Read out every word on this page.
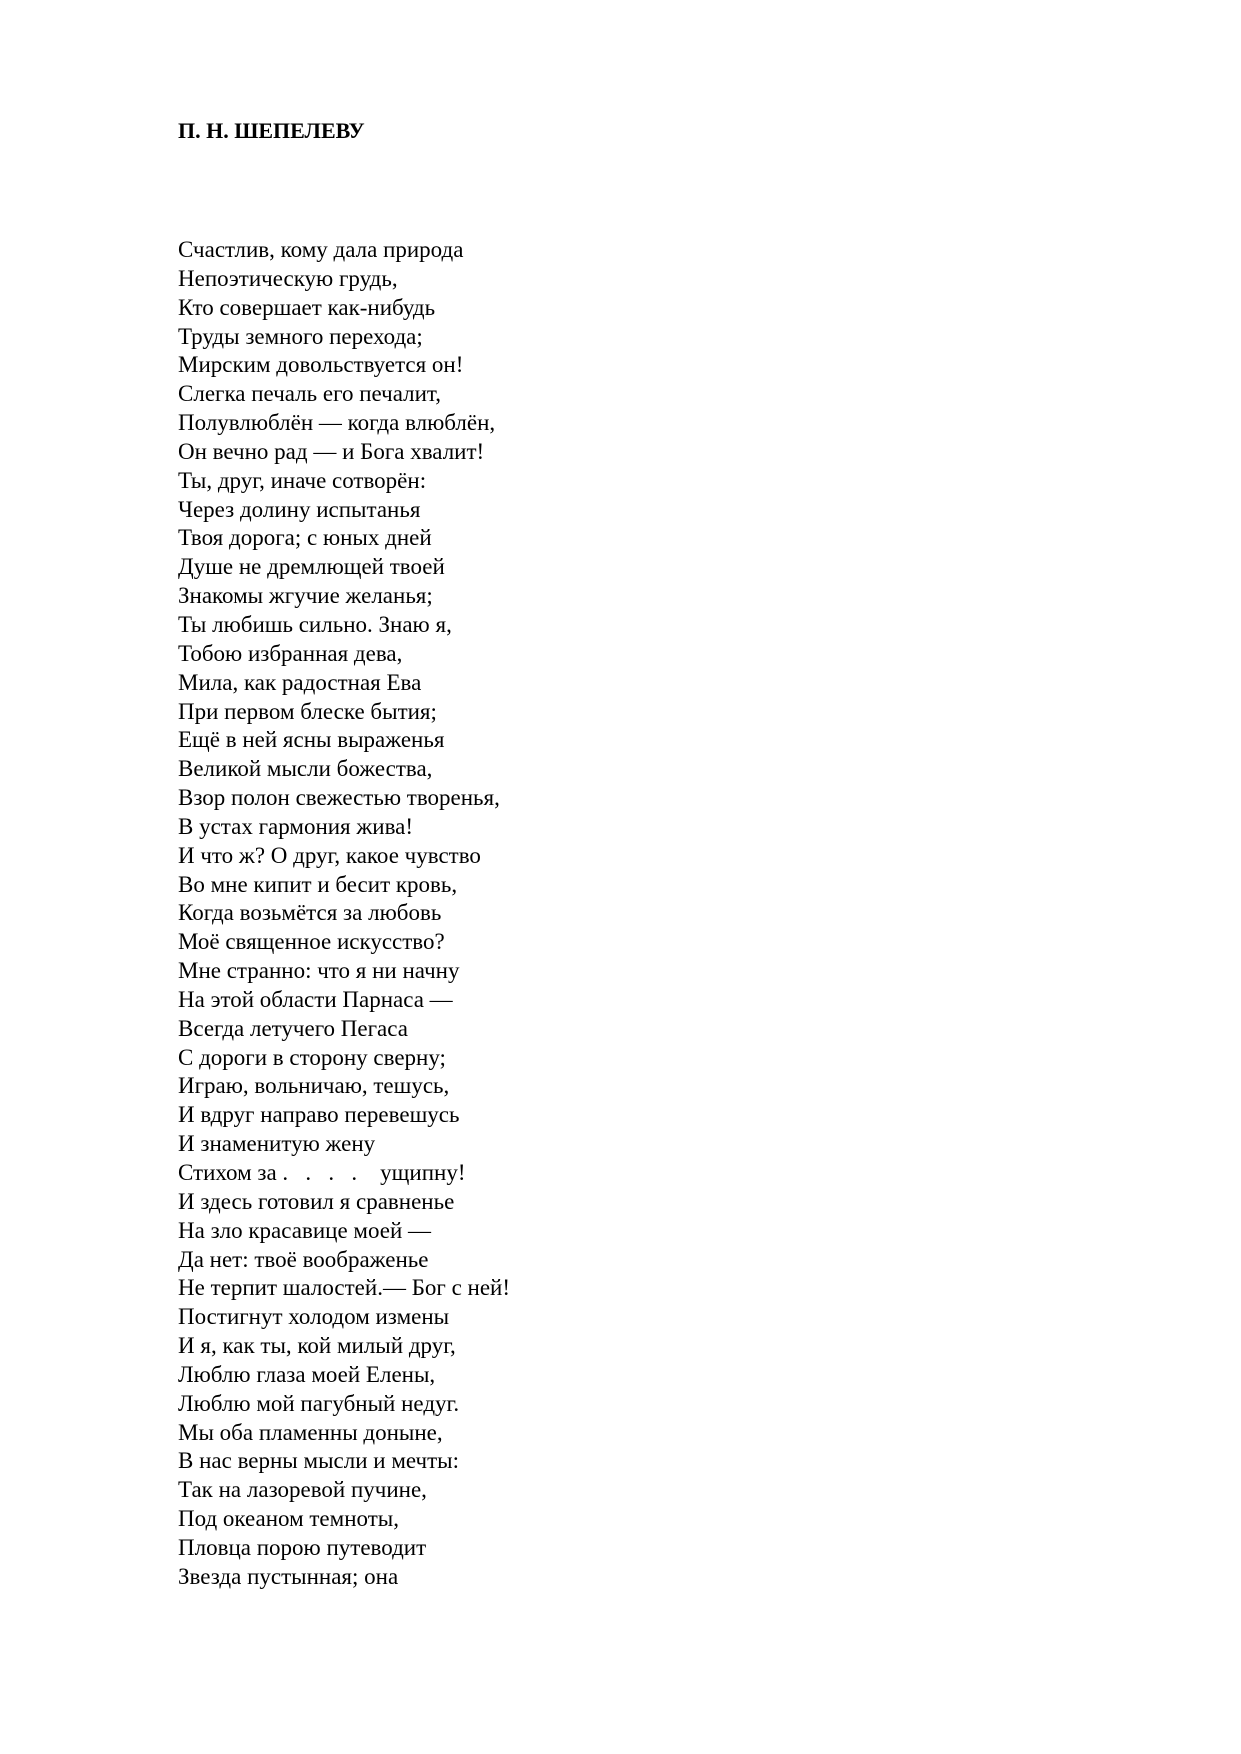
П. Н. ШЕПЕЛЕВУ
Счастлив, кому дала природа
Непоэтическую грудь,
Кто совершает как-нибудь
Труды земного перехода;
Мирским довольствуется он!
Слегка печаль его печалит,
Полувлюблён — когда влюблён,
Он вечно рад — и Бога хвалит!
Ты, друг, иначе сотворён:
Через долину испытанья
Твоя дорога; с юных дней
Душе не дремлющей твоей
Знакомы жгучие желанья;
Ты любишь сильно. Знаю я,
Тобою избранная дева,
Мила, как радостная Ева
При первом блеске бытия;
Ещё в ней ясны выраженья
Великой мысли божества,
Взор полон свежестью творенья,
В устах гармония жива!
И что ж? О друг, какое чувство
Во мне кипит и бесит кровь,
Когда возьмётся за любовь
Моё священное искусство?
Мне странно: что я ни начну
На этой области Парнаса —
Всегда летучего Пегаса
С дороги в сторону сверну;
Играю, вольничаю, тешусь,
И вдруг направо перевешусь
И знаменитую жену
Стихом за .   .   .   .    ущипну!
И здесь готовил я сравненье
На зло красавице моей —
Да нет: твоё воображенье
Не терпит шалостей.— Бог с ней!
Постигнут холодом измены
И я, как ты, кой милый друг,
Люблю глаза моей Елены,
Люблю мой пагубный недуг.
Мы оба пламенны доныне,
В нас верны мысли и мечты:
Так на лазоревой пучине,
Под океаном темноты,
Пловца порою путеводит
Звезда пустынная; она
